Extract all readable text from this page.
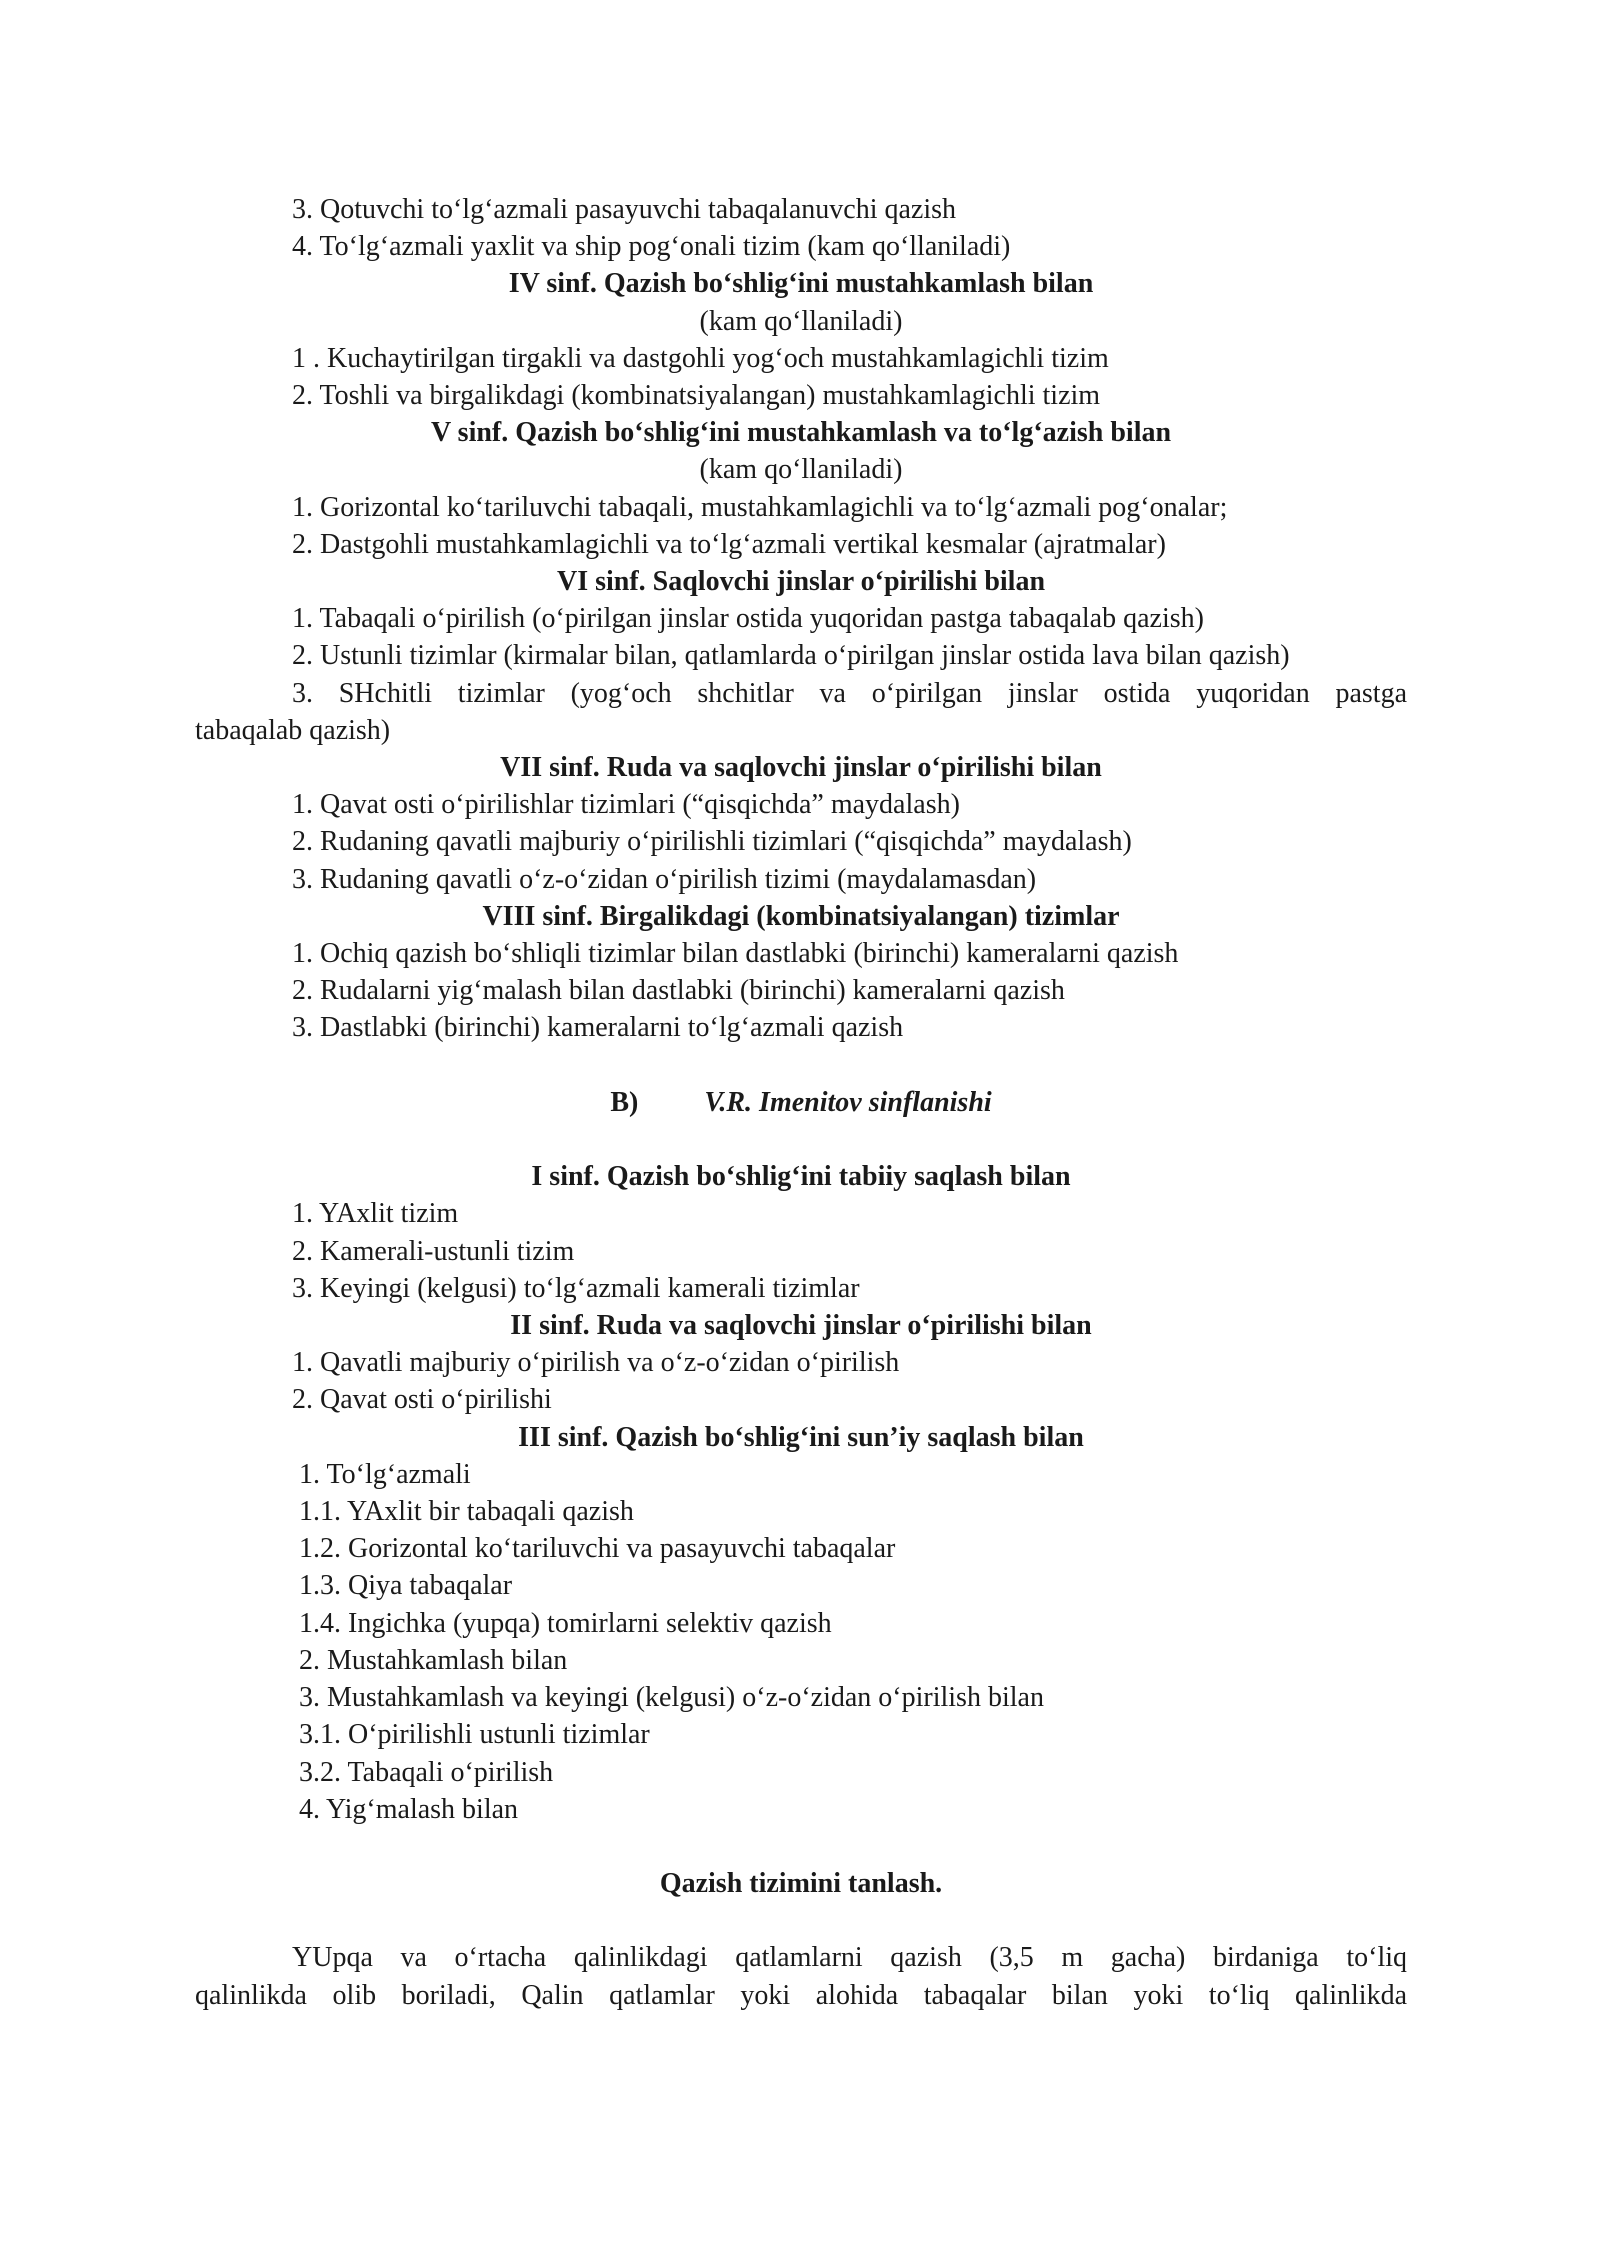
3. Qotuvchi to‘lg‘azmali pasayuvchi tabaqalanuvchi qazish
4. To‘lg‘azmali yaxlit va ship pog‘onali tizim (kam qo‘llaniladi)
IV sinf. Qazish bo‘shlig‘ini mustahkamlash bilan
(kam qo‘llaniladi)
1 . Kuchaytirilgan tirgakli va dastgohli yog‘och mustahkamlagichli tizim
2. Toshli va birgalikdagi (kombinatsiyalangan) mustahkamlagichli tizim
V sinf. Qazish bo‘shlig‘ini mustahkamlash va to‘lg‘azish bilan
(kam qo‘llaniladi)
1. Gorizontal ko‘tariluvchi tabaqali, mustahkamlagichli va to‘lg‘azmali pog‘onalar;
2. Dastgohli mustahkamlagichli va to‘lg‘azmali vertikal kesmalar (ajratmalar)
VI sinf. Saqlovchi jinslar o‘pirilishi bilan
1. Tabaqali o‘pirilish (o‘pirilgan jinslar ostida yuqoridan pastga tabaqalab qazish)
2. Ustunli tizimlar (kirmalar bilan, qatlamlarda o‘pirilgan jinslar ostida lava bilan qazish)
3. SHchitli tizimlar (yog‘och shchitlar va o‘pirilgan jinslar ostida yuqoridan pastga
tabaqalab qazish)
VII sinf. Ruda va saqlovchi jinslar o‘pirilishi bilan
1. Qavat osti o‘pirilishlar tizimlari (“qisqichda” maydalash)
2. Rudaning qavatli majburiy o‘pirilishli tizimlari (“qisqichda” maydalash)
3. Rudaning qavatli o‘z-o‘zidan o‘pirilish tizimi (maydalamasdan)
VIII sinf. Birgalikdagi (kombinatsiyalangan) tizimlar
1. Ochiq qazish bo‘shliqli tizimlar bilan dastlabki (birinchi) kameralarni qazish
2. Rudalarni yig‘malash bilan dastlabki (birinchi) kameralarni qazish
3. Dastlabki (birinchi) kameralarni to‘lg‘azmali qazish
B) V.R. Imenitov sinflanishi
I sinf. Qazish bo‘shlig‘ini tabiiy saqlash bilan
1. YAxlit tizim
2. Kamerali-ustunli tizim
3. Keyingi (kelgusi) to‘lg‘azmali kamerali tizimlar
II sinf. Ruda va saqlovchi jinslar o‘pirilishi bilan
1. Qavatli majburiy o‘pirilish va o‘z-o‘zidan o‘pirilish
2. Qavat osti o‘pirilishi
III sinf. Qazish bo‘shlig‘ini sun’iy saqlash bilan
1. To‘lg‘azmali
1.1. YAxlit bir tabaqali qazish
1.2. Gorizontal ko‘tariluvchi va pasayuvchi tabaqalar
1.3. Qiya tabaqalar
1.4. Ingichka (yupqa) tomirlarni selektiv qazish
2. Mustahkamlash bilan
3. Mustahkamlash va keyingi (kelgusi) o‘z-o‘zidan o‘pirilish bilan
3.1. O‘pirilishli ustunli tizimlar
3.2. Tabaqali o‘pirilish
4. Yig‘malash bilan
Qazish tizimini tanlash.
YUpqa va o‘rtacha qalinlikdagi qatlamlarni qazish (3,5 m gacha) birdaniga to‘liq
qalinlikda olib boriladi, Qalin qatlamlar yoki alohida tabaqalar bilan yoki to‘liq qalinlikda
